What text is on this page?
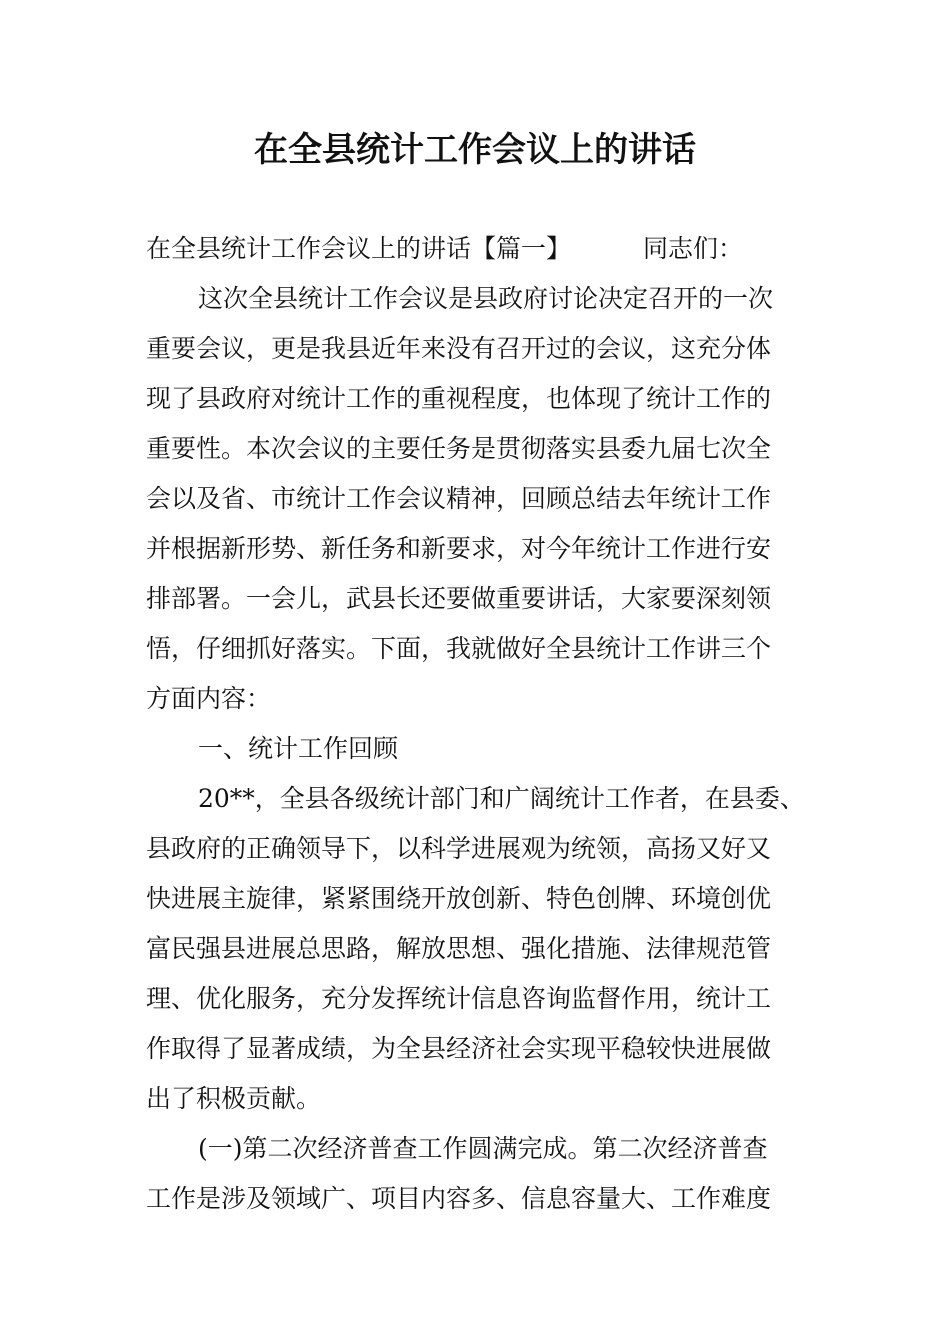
在全县统计工作会议上的讲话
在全县统计工作会议上的讲话【篇一】	同志们：
这次全县统计工作会议是县政府讨论决定召开的一次
重要会议，更是我县近年来没有召开过的会议，这充分体
现了县政府对统计工作的重视程度，也体现了统计工作的
重要性。本次会议的主要任务是贯彻落实县委九届七次全
会以及省、市统计工作会议精神，回顾总结去年统计工作
并根据新形势、新任务和新要求，对今年统计工作进行安
排部署。一会儿，武县长还要做重要讲话，大家要深刻领
悟，仔细抓好落实。下面，我就做好全县统计工作讲三个
方面内容：
一、统计工作回顾
20**，全县各级统计部门和广阔统计工作者，在县委、
县政府的正确领导下，以科学进展观为统领，高扬又好又
快进展主旋律，紧紧围绕开放创新、特色创牌、环境创优
富民强县进展总思路，解放思想、强化措施、法律规范管
理、优化服务，充分发挥统计信息咨询监督作用，统计工
作取得了显著成绩，为全县经济社会实现平稳较快进展做
出了积极贡献。
(一)第二次经济普查工作圆满完成。第二次经济普查
工作是涉及领域广、项目内容多、信息容量大、工作难度
